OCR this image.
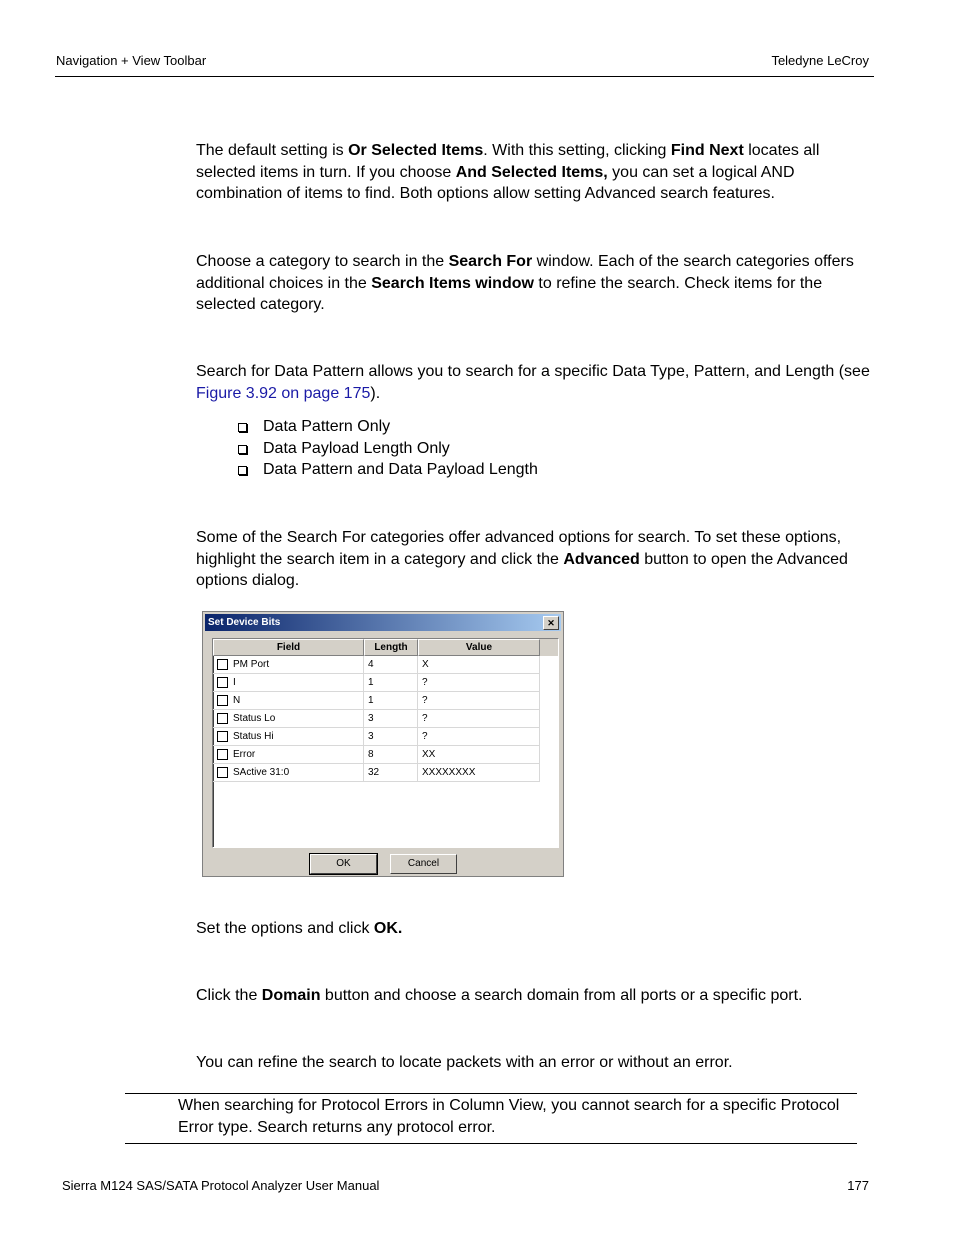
Navigation + View Toolbar	Teledyne LeCroy

The default setting is Or Selected Items. With this setting, clicking Find Next locates all selected items in turn. If you choose And Selected Items, you can set a logical AND combination of items to find. Both options allow setting Advanced search features.

Choose a category to search in the Search For window. Each of the search categories offers additional choices in the Search Items window to refine the search. Check items for the selected category.

Search for Data Pattern allows you to search for a specific Data Type, Pattern, and Length (see Figure 3.92 on page 175).

Data Pattern Only
Data Payload Length Only
Data Pattern and Data Payload Length

Some of the Search For categories offer advanced options for search. To set these options, highlight the search item in a category and click the Advanced button to open the Advanced options dialog.

Set Device Bits	✕
Field	Length	Value
PM Port	4	X
I	1	?
N	1	?
Status Lo	3	?
Status Hi	3	?
Error	8	XX
SActive 31:0	32	XXXXXXXX
OK	Cancel

Set the options and click OK.

Click the Domain button and choose a search domain from all ports or a specific port.

You can refine the search to locate packets with an error or without an error.

When searching for Protocol Errors in Column View, you cannot search for a specific Protocol Error type. Search returns any protocol error.

Sierra M124 SAS/SATA Protocol Analyzer User Manual	177
